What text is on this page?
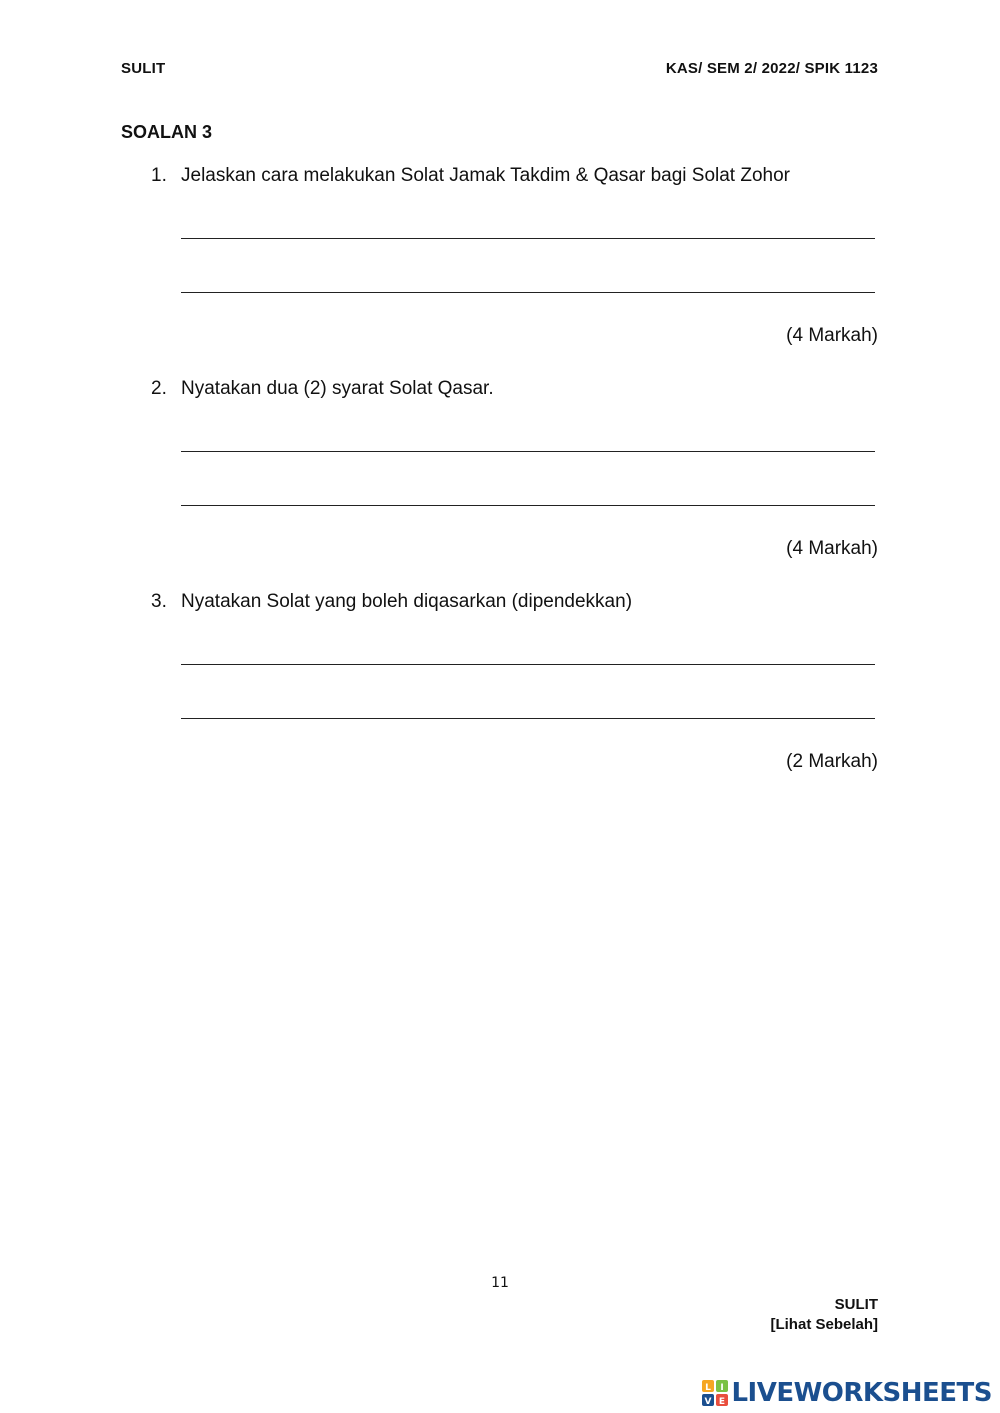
SULIT	KAS/ SEM 2/ 2022/ SPIK 1123
SOALAN 3
1. Jelaskan cara melakukan Solat Jamak Takdim & Qasar bagi Solat Zohor
(4 Markah)
2. Nyatakan dua (2) syarat Solat Qasar.
(4 Markah)
3. Nyatakan Solat yang boleh diqasarkan (dipendekkan)
(2 Markah)
11
SULIT
[Lihat Sebelah]
L I
V E LIVEWORKSHEETS
